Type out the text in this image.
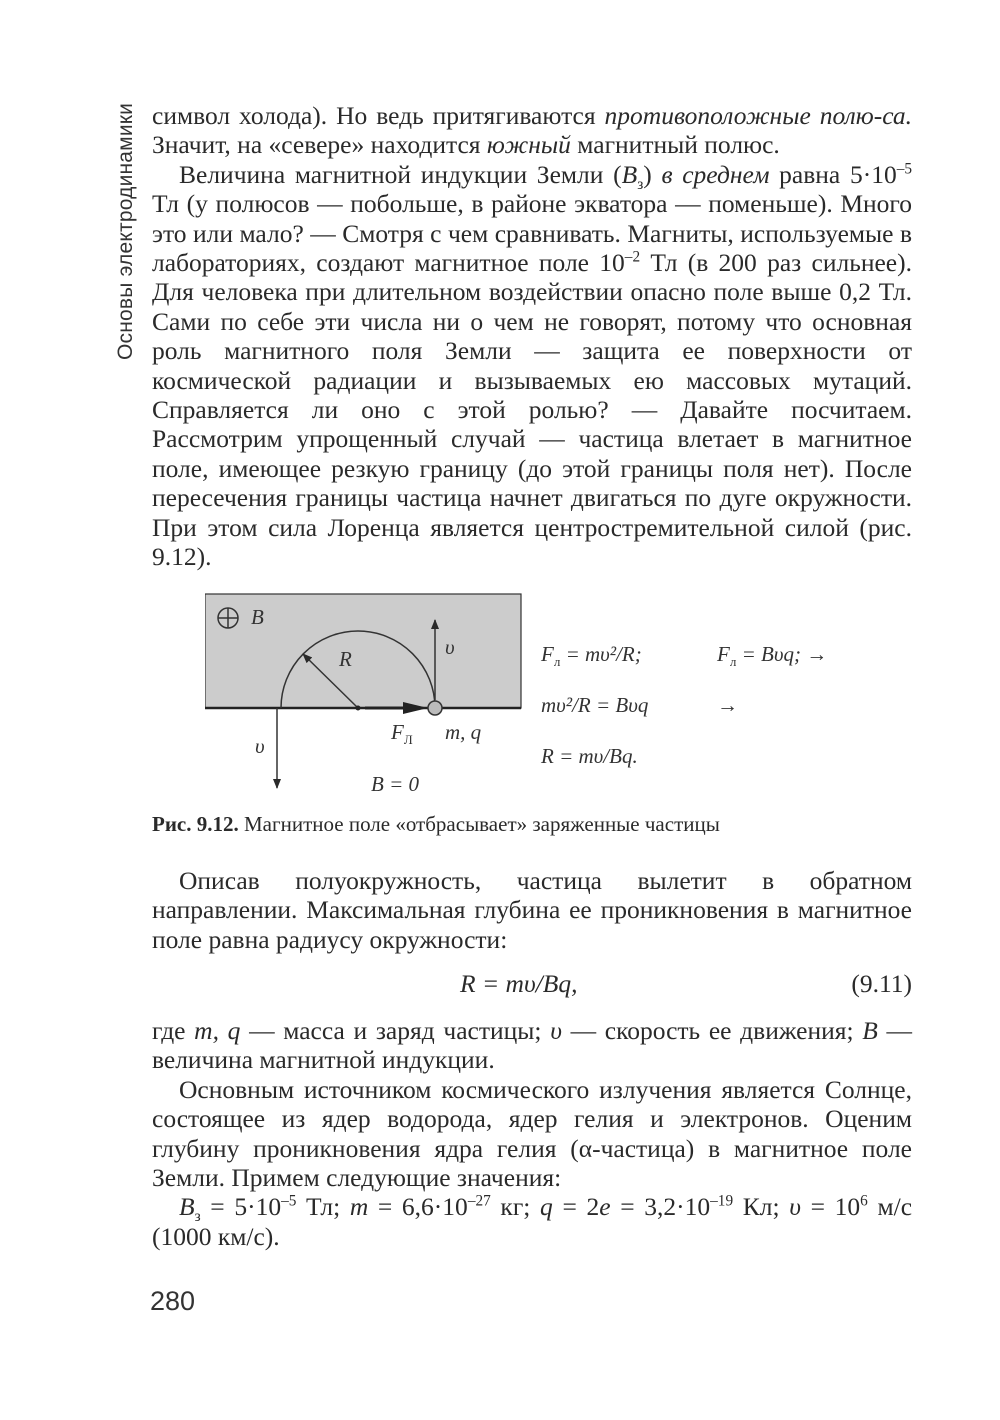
Основы электродинамики символ холода). Но ведь притягиваются противоположные полю-са. Значит, на «севере» находится южный магнитный полюс.

Величина магнитной индукции Земли $(B_з)$ в среднем равна $5\cdot 10^{-5}$ Тл (у полюсов — побольше, в районе экватора — поменьше). Много это или мало? — Смотря с чем сравнивать. Магниты, используемые в лабораториях, создают магнитное поле $10^{-2}$ Тл (в 200 раз сильнее). Для человека при длительном воздействии опасно поле выше 0,2 Тл. Сами по себе эти числа ни о чем не говорят, потому что основная роль магнитного поля Земли — защита ее поверхности от космической радиации и вызываемых ею массовых мутаций. Справляется ли оно с этой ролью? — Давайте посчитаем. Рассмотрим упрощенный случай — частица влетает в магнитное поле, имеющее резкую границу (до этой границы поля нет). После пересечения границы частица начнет двигаться по дуге окружности. При этом сила Лоренца является центростремительной силой (рис. 9.12).

B
R	υ
υ
$F_Л$ m, q
B = 0
$F_л = m\upsilon^2/R$;	$F_л = B\upsilon q$; →
mυ²/R = Bυq	→
R = mυ/Bq.
Рис. 9.12. Магнитное поле «отбрасывает» заряженные частицы

Описав полуокружность, частица вылетит в обратном направлении. Максимальная глубина ее проникновения в магнитное поле равна радиусу окружности:

R = mυ/Bq,	(9.11)

где m, q — масса и заряд частицы; υ — скорость ее движения; B — величина магнитной индукции.

Основным источником космического излучения является Солнце, состоящее из ядер водорода, ядер гелия и электронов. Оценим глубину проникновения ядра гелия (α-частица) в магнитное поле Земли. Примем следующие значения:

$B_з = 5\cdot 10^{-5}$ Тл; $m = 6,6\cdot 10^{-27}$ кг; $q = 2e = 3,2\cdot 10^{-19}$ Кл; $\upsilon = 10^6$ м/с (1000 км/с).

280
